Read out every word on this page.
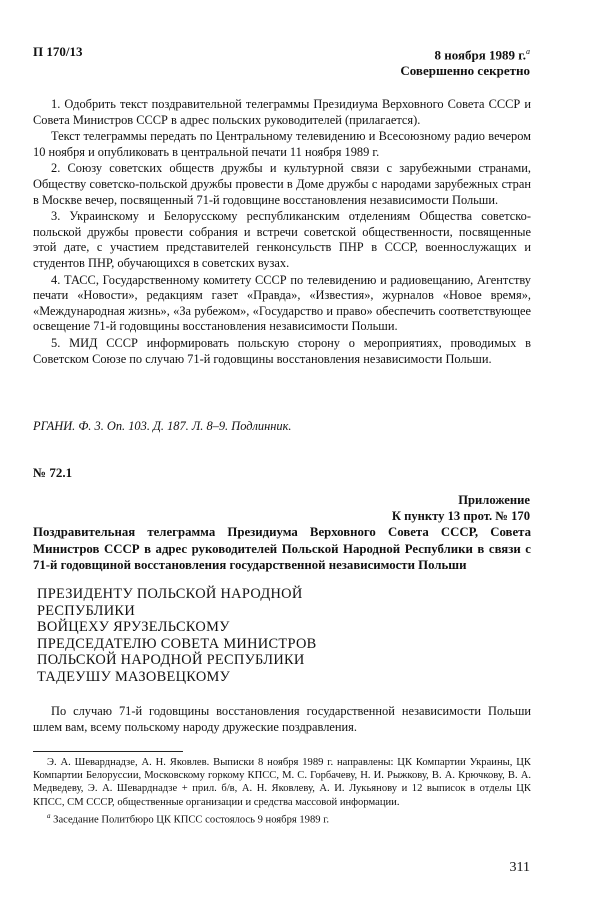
П 170/13	8 ноября 1989 г.$^а$
Совершенно секретно

1. Одобрить текст поздравительной телеграммы Президиума Верховного Совета СССР и Совета Министров СССР в адрес польских руководителей (прилагается).

Текст телеграммы передать по Центральному телевидению и Всесоюзному радио вечером 10 ноября и опубликовать в центральной печати 11 ноября 1989 г.

2. Союзу советских обществ дружбы и культурной связи с зарубежными странами, Обществу советско-польской дружбы провести в Доме дружбы с народами зарубежных стран в Москве вечер, посвященный 71-й годовщине восстановления независимости Польши.

3. Украинскому и Белорусскому республиканским отделениям Общества советско-польской дружбы провести собрания и встречи советской общественности, посвященные этой дате, с участием представителей генконсульств ПНР в СССР, военнослужащих и студентов ПНР, обучающихся в советских вузах.

4. ТАСС, Государственному комитету СССР по телевидению и радиовещанию, Агентству печати «Новости», редакциям газет «Правда», «Известия», журналов «Новое время», «Международная жизнь», «За рубежом», «Государство и право» обеспечить соответствующее освещение 71-й годовщины восстановления независимости Польши.

5. МИД СССР информировать польскую сторону о мероприятиях, проводимых в Советском Союзе по случаю 71-й годовщины восстановления независимости Польши.

РГАНИ. Ф. 3. Оп. 103. Д. 187. Л. 8–9. Подлинник.
№ 72.1
Приложение
К пункту 13 прот. № 170
Поздравительная телеграмма Президиума Верховного Совета СССР, Совета Министров СССР в адрес руководителей Польской Народной Республики в связи с 71-й годовщиной восстановления государственной независимости Польши
ПРЕЗИДЕНТУ ПОЛЬСКОЙ НАРОДНОЙ
РЕСПУБЛИКИ
ВОЙЦЕХУ ЯРУЗЕЛЬСКОМУ
ПРЕДСЕДАТЕЛЮ СОВЕТА МИНИСТРОВ
ПОЛЬСКОЙ НАРОДНОЙ РЕСПУБЛИКИ
ТАДЕУШУ МАЗОВЕЦКОМУ

По случаю 71-й годовщины восстановления государственной независимости Польши шлем вам, всему польскому народу дружеские поздравления.

Э. А. Шеварднадзе, А. Н. Яковлев. Выписки 8 ноября 1989 г. направлены: ЦК Компартии Украины, ЦК Компартии Белоруссии, Московскому горкому КПСС, М. С. Горбачеву, Н. И. Рыжкову, В. А. Крючкову, В. А. Медведеву, Э. А. Шеварднадзе + прил. б/в, А. Н. Яковлеву, А. И. Лукьянову и 12 выписок в отделы ЦК КПСС, СМ СССР, общественные организации и средства массовой информации.

$^а$ Заседание Политбюро ЦК КПСС состоялось 9 ноября 1989 г.

311
